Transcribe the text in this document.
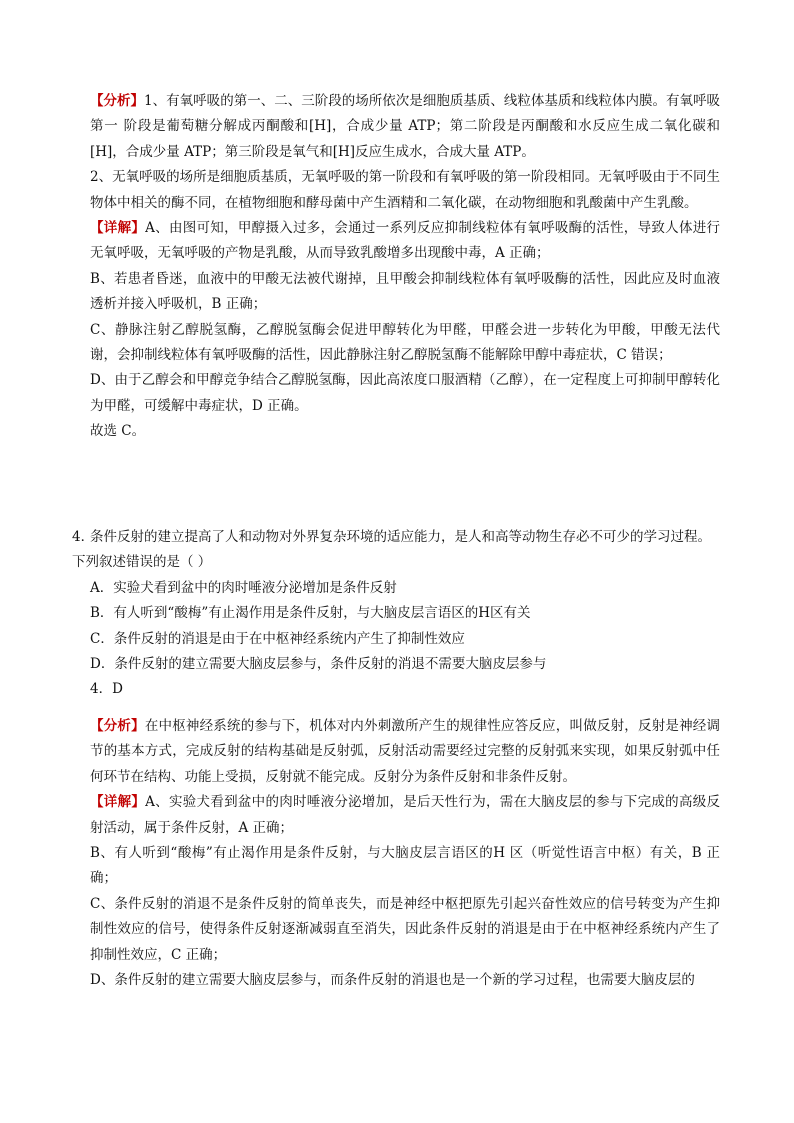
【分析】1、有氧呼吸的第一、二、三阶段的场所依次是细胞质基质、线粒体基质和线粒体内膜。有氧呼吸第一 阶段是葡萄糖分解成丙酮酸和[H]，合成少量 ATP；第二阶段是丙酮酸和水反应生成二氧化碳和[H]，合成少量 ATP；第三阶段是氧气和[H]反应生成水，合成大量 ATP。

2、无氧呼吸的场所是细胞质基质，无氧呼吸的第一阶段和有氧呼吸的第一阶段相同。无氧呼吸由于不同生物体中相关的酶不同，在植物细胞和酵母菌中产生酒精和二氧化碳，在动物细胞和乳酸菌中产生乳酸。

【详解】A、由图可知，甲醇摄入过多，会通过一系列反应抑制线粒体有氧呼吸酶的活性，导致人体进行无氧呼吸，无氧呼吸的产物是乳酸，从而导致乳酸增多出现酸中毒，A 正确；

B、若患者昏迷，血液中的甲酸无法被代谢掉，且甲酸会抑制线粒体有氧呼吸酶的活性，因此应及时血液透析并接入呼吸机，B 正确；

C、静脉注射乙醇脱氢酶，乙醇脱氢酶会促进甲醇转化为甲醛，甲醛会进一步转化为甲酸，甲酸无法代谢，会抑制线粒体有氧呼吸酶的活性，因此静脉注射乙醇脱氢酶不能解除甲醇中毒症状，C 错误；

D、由于乙醇会和甲醇竞争结合乙醇脱氢酶，因此高浓度口服酒精（乙醇），在一定程度上可抑制甲醇转化为甲醛，可缓解中毒症状，D 正确。

故选 C。

4．条件反射的建立提高了人和动物对外界复杂环境的适应能力，是人和高等动物生存必不可少的学习过程。下列叙述错误的是（ ）

A．实验犬看到盆中的肉时唾液分泌增加是条件反射

B．有人听到“酸梅”有止渴作用是条件反射，与大脑皮层言语区的H区有关

C．条件反射的消退是由于在中枢神经系统内产生了抑制性效应

D．条件反射的建立需要大脑皮层参与，条件反射的消退不需要大脑皮层参与

4．D

【分析】在中枢神经系统的参与下，机体对内外刺激所产生的规律性应答反应，叫做反射，反射是神经调节的基本方式，完成反射的结构基础是反射弧，反射活动需要经过完整的反射弧来实现，如果反射弧中任何环节在结构、功能上受损，反射就不能完成。反射分为条件反射和非条件反射。

【详解】A、实验犬看到盆中的肉时唾液分泌增加，是后天性行为，需在大脑皮层的参与下完成的高级反射活动，属于条件反射，A 正确；

B、有人听到“酸梅”有止渴作用是条件反射，与大脑皮层言语区的H 区（听觉性语言中枢）有关，B 正确；

C、条件反射的消退不是条件反射的简单丧失，而是神经中枢把原先引起兴奋性效应的信号转变为产生抑制性效应的信号，使得条件反射逐渐减弱直至消失，因此条件反射的消退是由于在中枢神经系统内产生了抑制性效应，C 正确；

D、条件反射的建立需要大脑皮层参与，而条件反射的消退也是一个新的学习过程，也需要大脑皮层的
